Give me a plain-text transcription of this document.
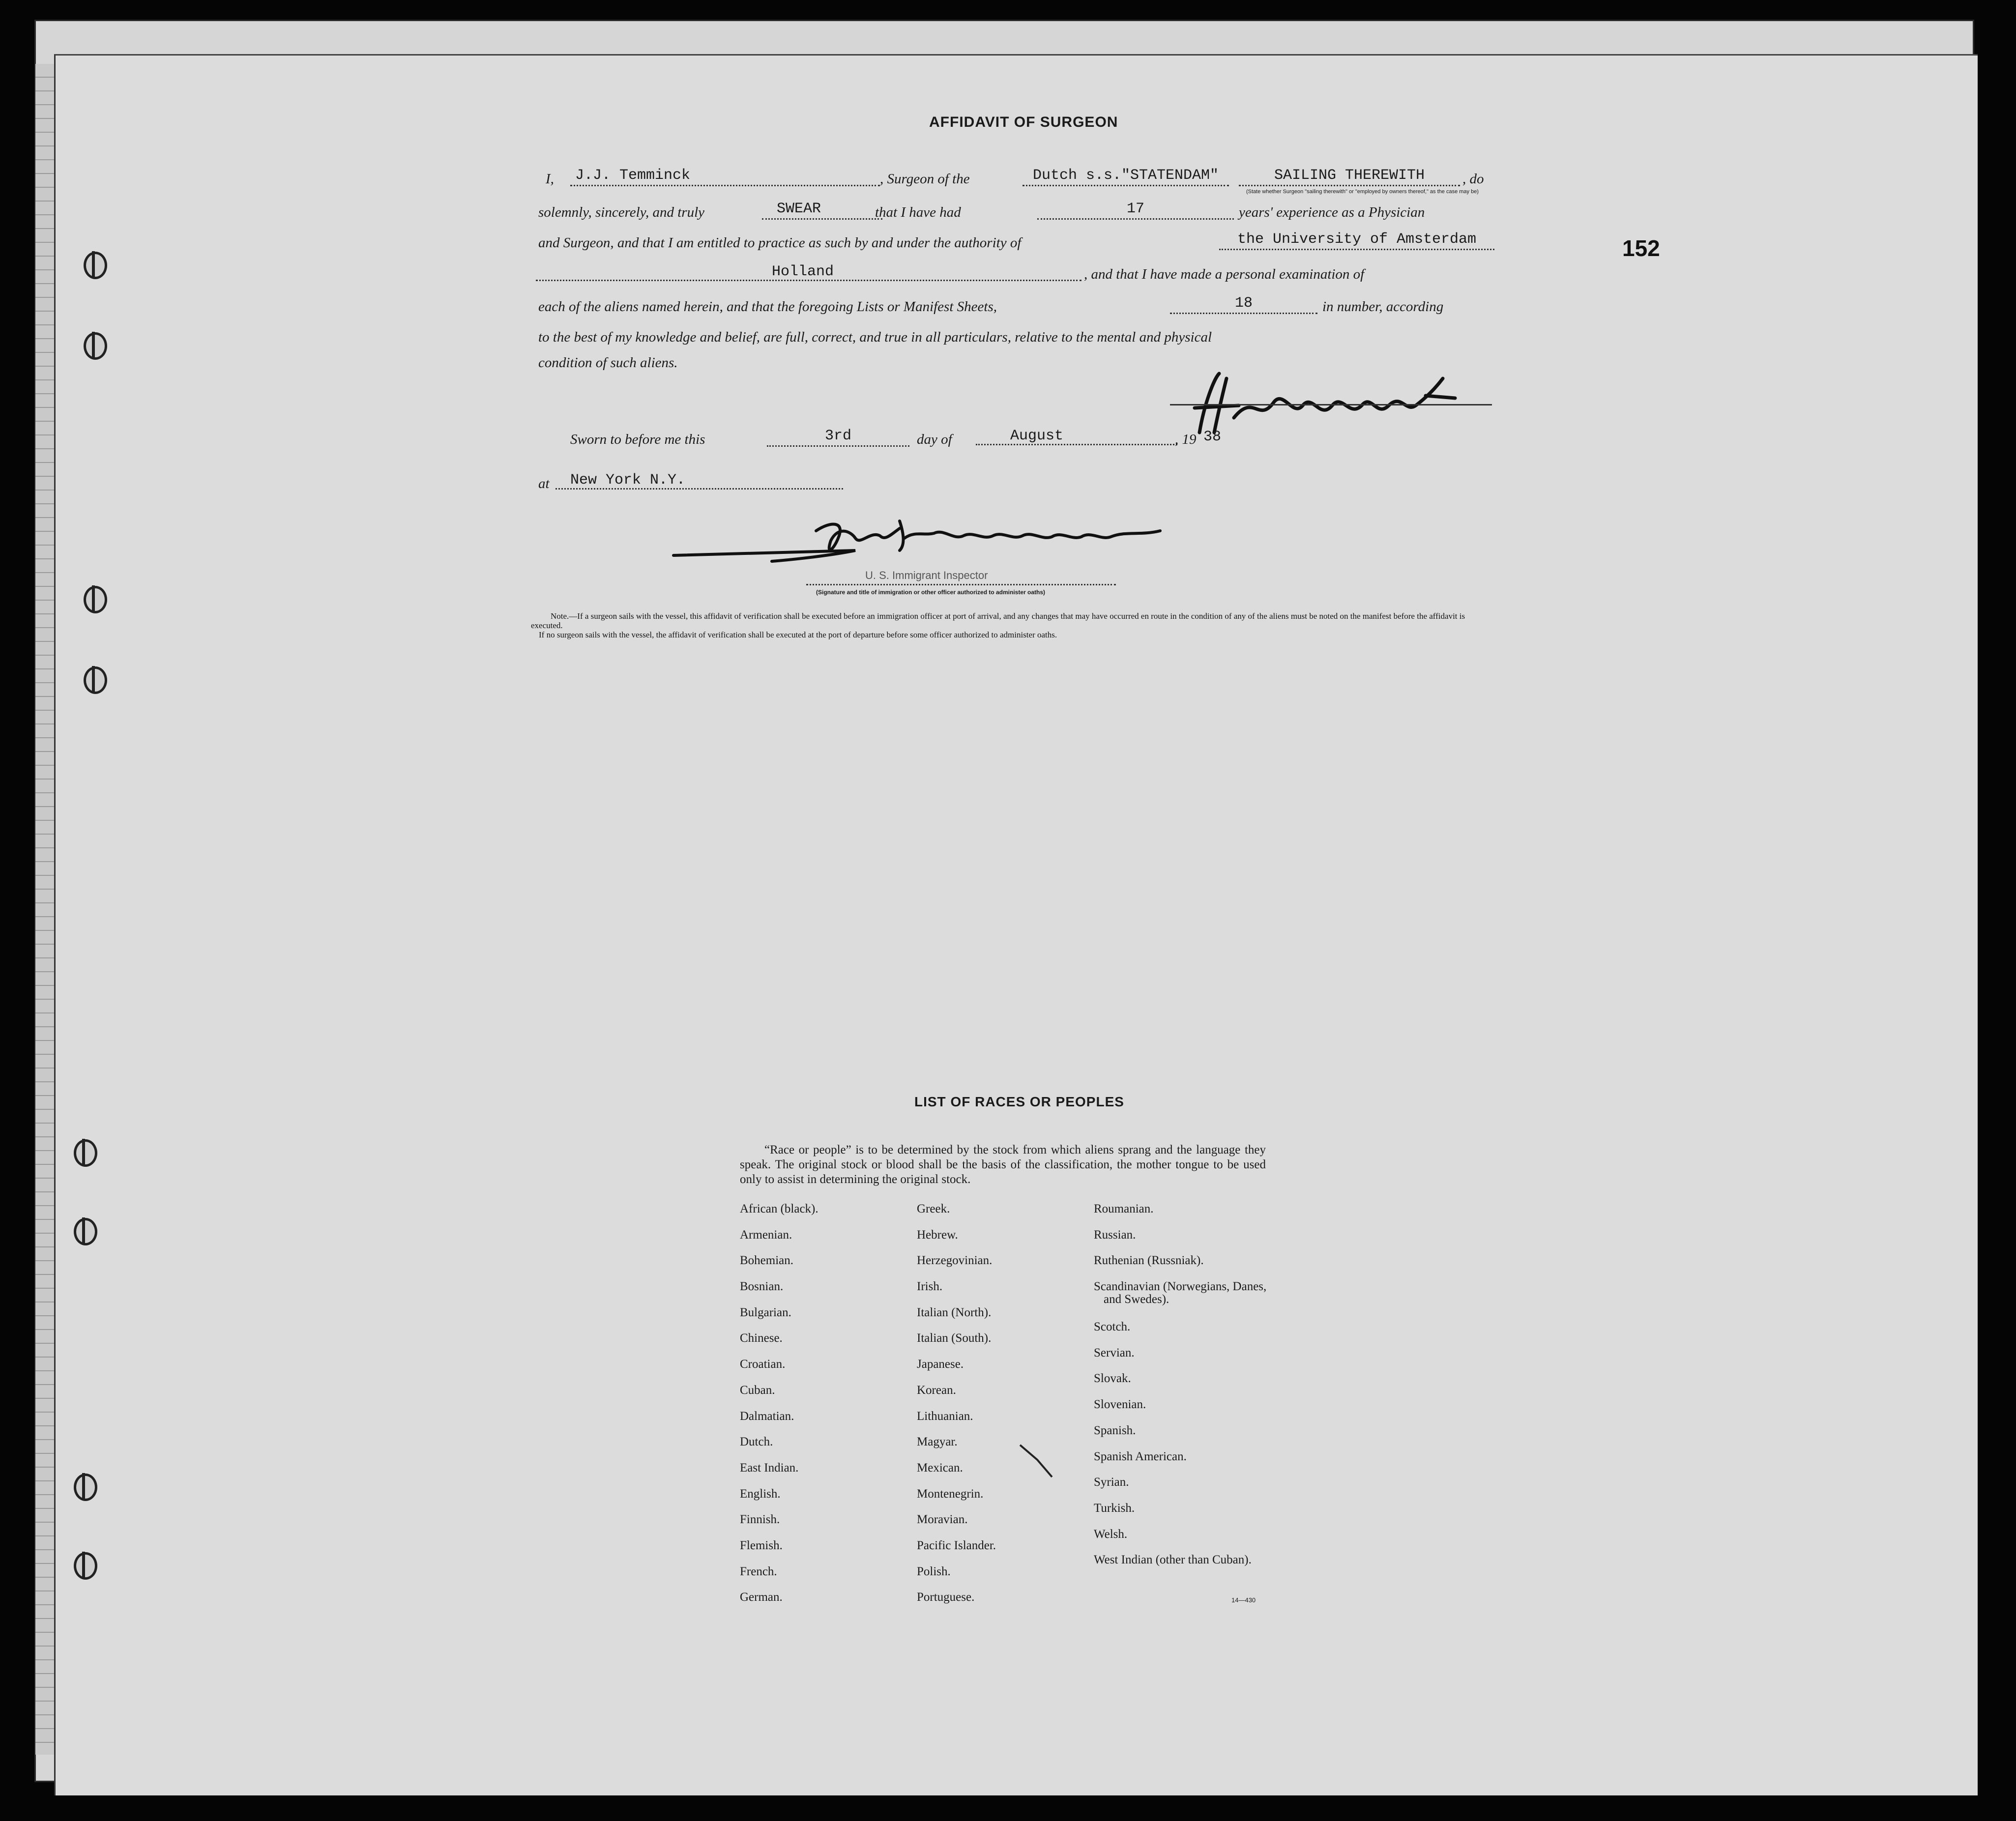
AFFIDAVIT OF SURGEON
152
I,	J.J. Temminck	, Surgeon of the	Dutch s.s."STATENDAM"	SAILING THEREWITH	, do
(State whether Surgeon "sailing therewith" or "employed by owners thereof," as the case may be)
solemnly, sincerely, and truly	SWEAR	that I have had	17	years' experience as a Physician
and Surgeon, and that I am entitled to practice as such by and under the authority of	the University of Amsterdam
Holland	, and that I have made a personal examination of
each of the aliens named herein, and that the foregoing Lists or Manifest Sheets,	18	in number, according
to the best of my knowledge and belief, are full, correct, and true in all particulars, relative to the mental and physical
condition of such aliens.
Sworn to before me this	3rd	day of	August	, 19 38
at	New York N.Y.
U. S. Immigrant Inspector
(Signature and title of immigration or other officer authorized to administer oaths)

Note.—If a surgeon sails with the vessel, this affidavit of verification shall be executed before an immigration officer at port of arrival, and any changes that may have occurred en route in the condition of any of the aliens must be noted on the manifest before the affidavit is executed.

If no surgeon sails with the vessel, the affidavit of verification shall be executed at the port of departure before some officer authorized to administer oaths.

LIST OF RACES OR PEOPLES
“Race or people” is to be determined by the stock from which aliens sprang and the language they speak. The original stock or blood shall be the basis of the classification, the mother tongue to be used only to assist in determining the original stock.
African (black).
Armenian.
Bohemian.
Bosnian.
Bulgarian.
Chinese.
Croatian.
Cuban.
Dalmatian.
Dutch.
East Indian.
English.
Finnish.
Flemish.
French.
German.
Greek.
Hebrew.
Herzegovinian.
Irish.
Italian (North).
Italian (South).
Japanese.
Korean.
Lithuanian.
Magyar.
Mexican.
Montenegrin.
Moravian.
Pacific Islander.
Polish.
Portuguese.
Roumanian.
Russian.
Ruthenian (Russniak).
Scandinavian (Norwegians, Danes, and Swedes).
Scotch.
Servian.
Slovak.
Slovenian.
Spanish.
Spanish American.
Syrian.
Turkish.
Welsh.
West Indian (other than Cuban).
14—430
